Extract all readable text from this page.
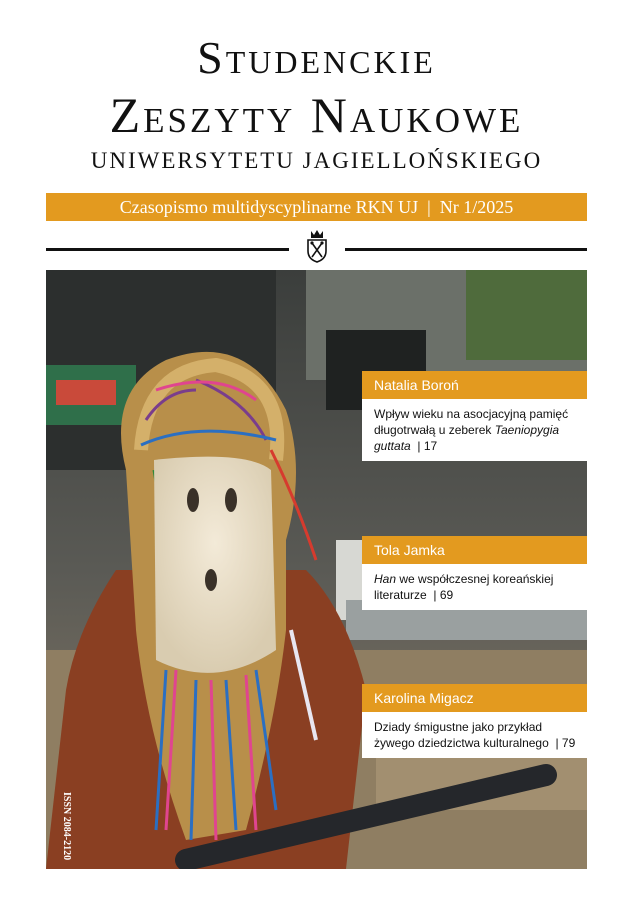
Studenckie
Zeszyty Naukowe
UNIWERSYTETU JAGIELLOŃSKIEGO
Czasopismo multidyscyplinarne RKN UJ  |  Nr 1/2025
ISSN 2084-2120
Natalia Boroń
Wpływ wieku na asocjacyjną pamięć długotrwałą u zeberek Taeniopygia guttata | 17
Tola Jamka
Han we współczesnej koreańskiej literaturze  | 69
Karolina Migacz
Dziady śmigustne jako przykład żywego dziedzictwa kulturalnego  | 79
